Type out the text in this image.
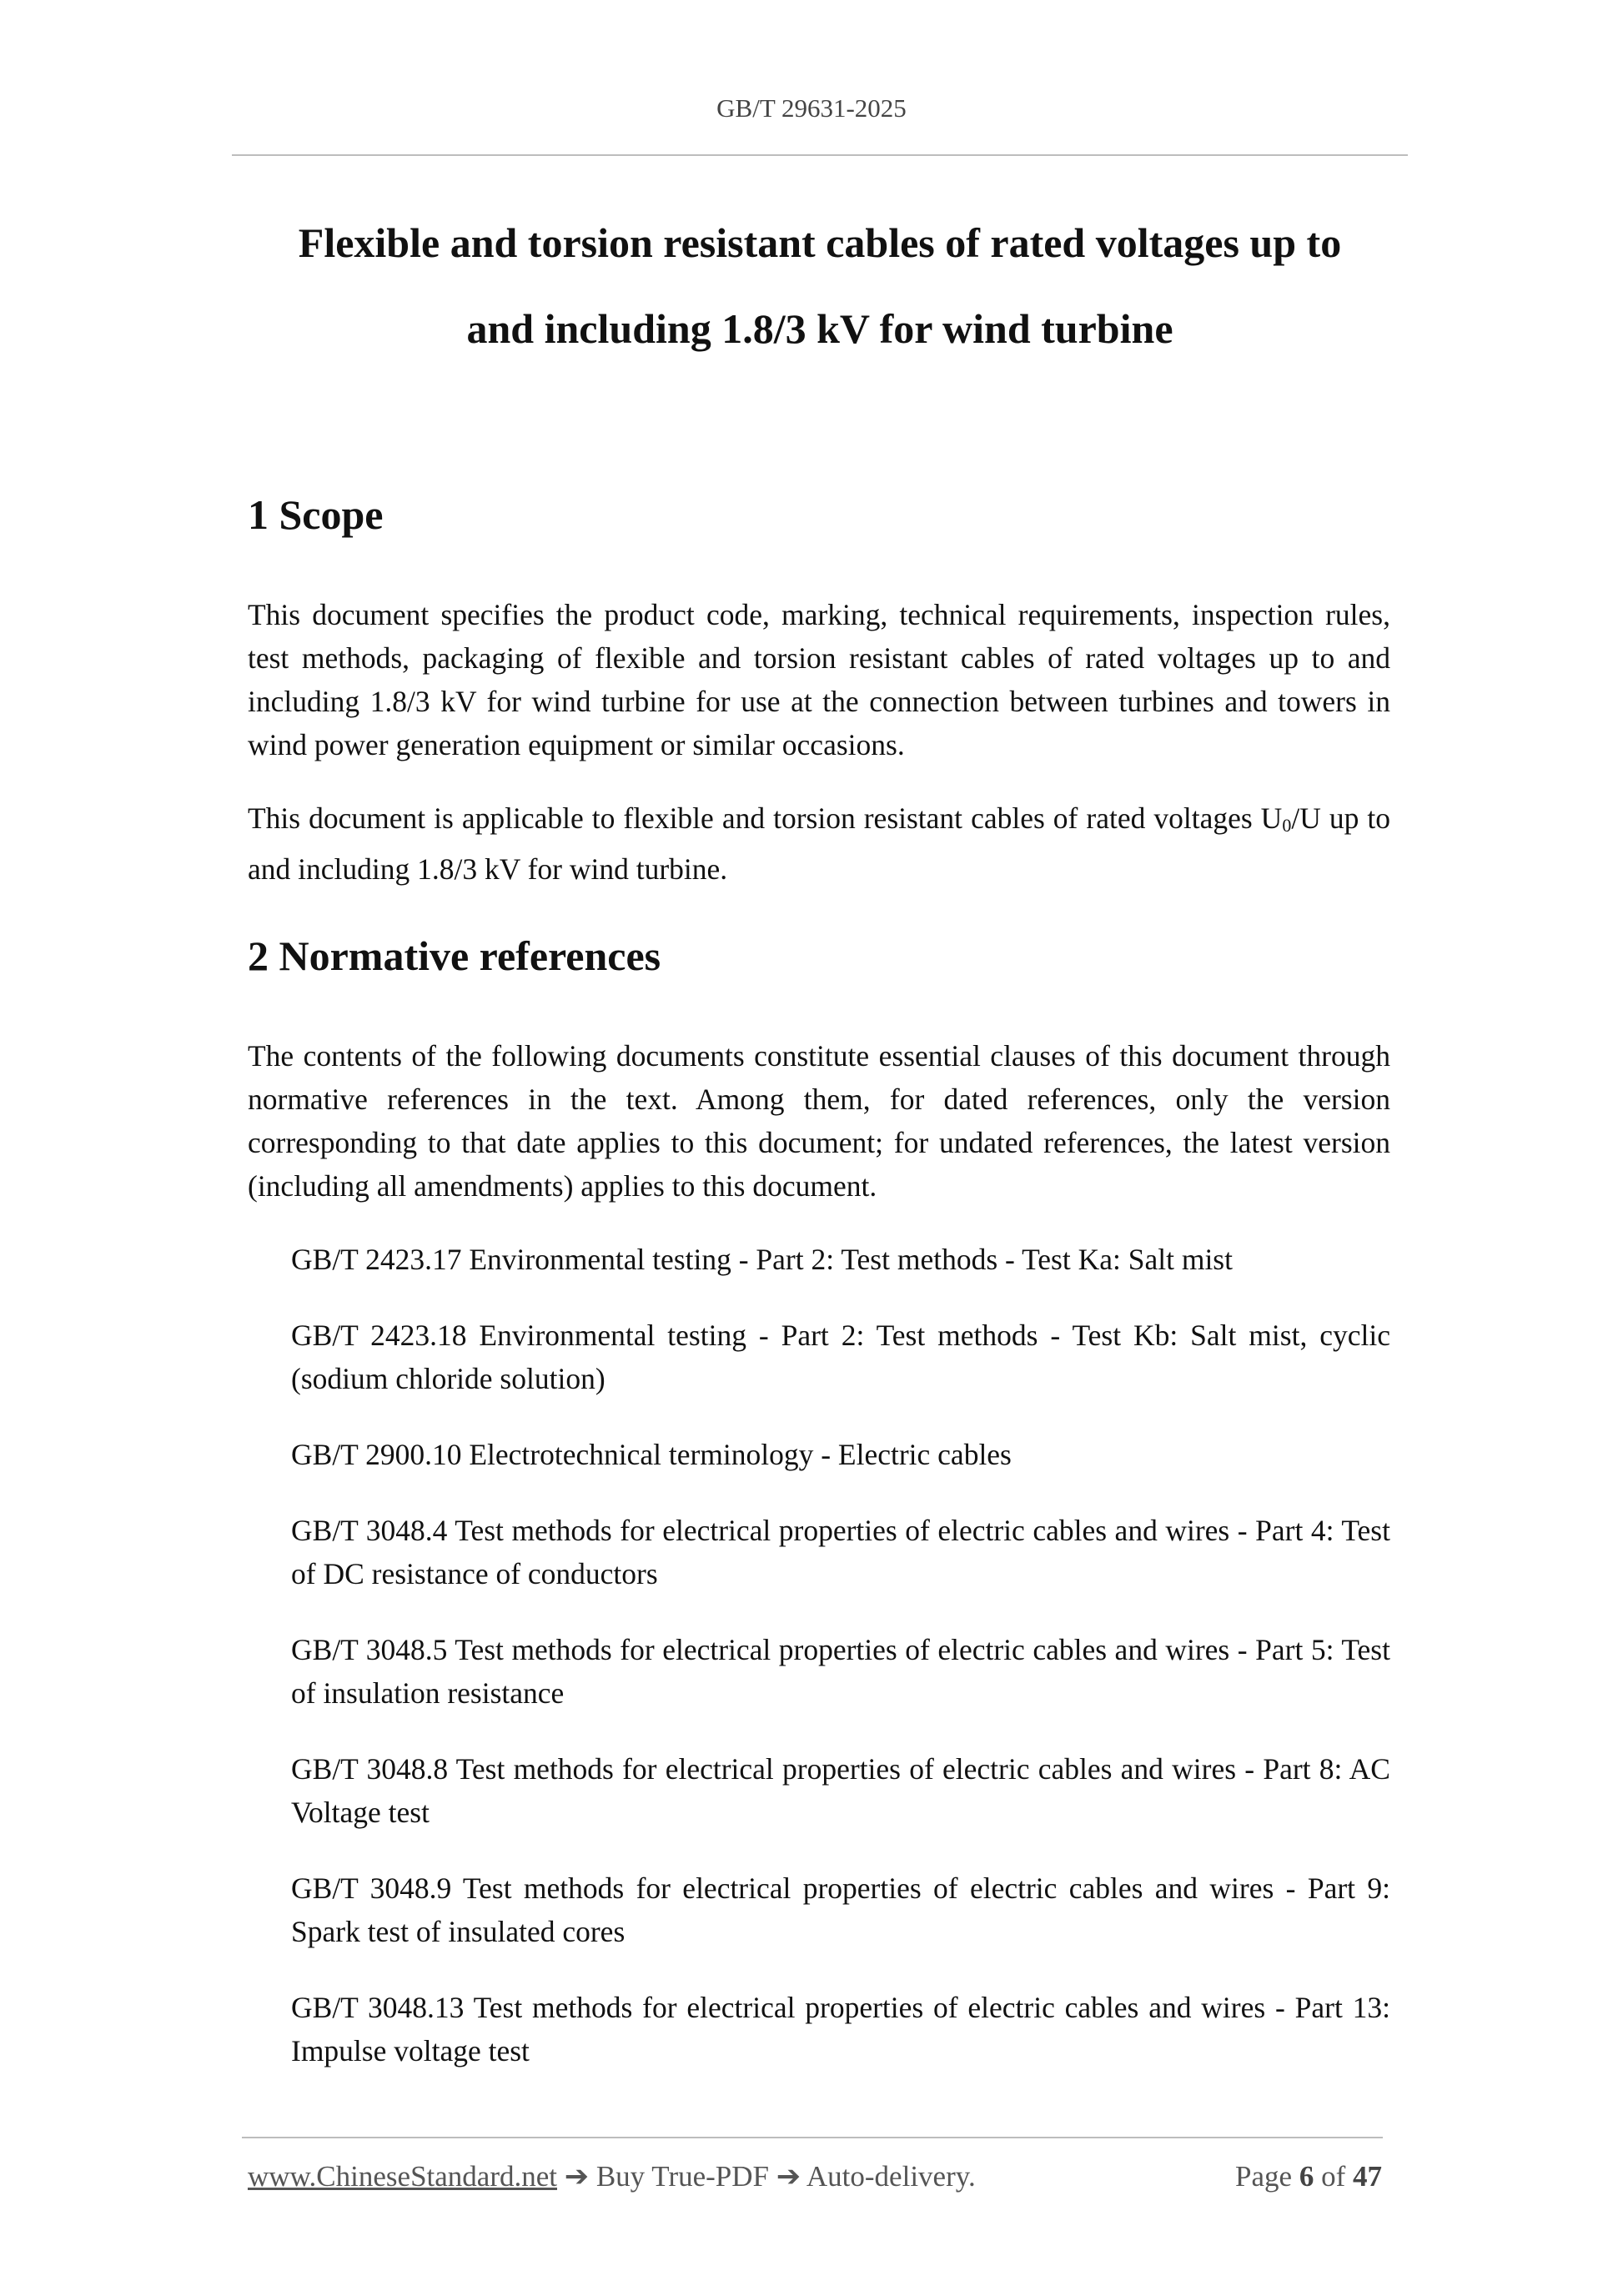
GB/T 29631-2025
Flexible and torsion resistant cables of rated voltages up to
and including 1.8/3 kV for wind turbine
1 Scope

This document specifies the product code, marking, technical requirements, inspection rules, test methods, packaging of flexible and torsion resistant cables of rated voltages up to and including 1.8/3 kV for wind turbine for use at the connection between turbines and towers in wind power generation equipment or similar occasions.

This document is applicable to flexible and torsion resistant cables of rated voltages U0/U up to and including 1.8/3 kV for wind turbine.

2 Normative references

The contents of the following documents constitute essential clauses of this document through normative references in the text. Among them, for dated references, only the version corresponding to that date applies to this document; for undated references, the latest version (including all amendments) applies to this document.

GB/T 2423.17 Environmental testing - Part 2: Test methods - Test Ka: Salt mist
GB/T 2423.18 Environmental testing - Part 2: Test methods - Test Kb: Salt mist, cyclic (sodium chloride solution)
GB/T 2900.10 Electrotechnical terminology - Electric cables
GB/T 3048.4 Test methods for electrical properties of electric cables and wires - Part 4: Test of DC resistance of conductors
GB/T 3048.5 Test methods for electrical properties of electric cables and wires - Part 5: Test of insulation resistance
GB/T 3048.8 Test methods for electrical properties of electric cables and wires - Part 8: AC Voltage test
GB/T 3048.9 Test methods for electrical properties of electric cables and wires - Part 9: Spark test of insulated cores
GB/T 3048.13 Test methods for electrical properties of electric cables and wires - Part 13: Impulse voltage test
www.ChineseStandard.net ➔ Buy True-PDF ➔ Auto-delivery.	Page 6 of 47
